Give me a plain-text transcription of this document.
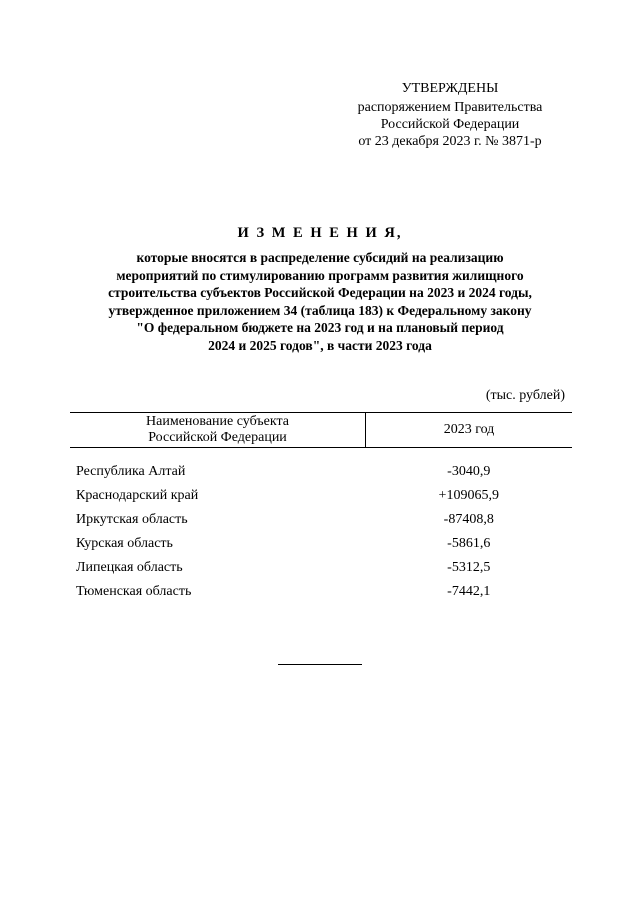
УТВЕРЖДЕНЫ
распоряжением Правительства
Российской Федерации
от 23 декабря 2023 г. № 3871-р
И З М Е Н Е Н И Я,
которые вносятся в распределение субсидий на реализацию
мероприятий по стимулированию программ развития жилищного
строительства субъектов Российской Федерации на 2023 и 2024 годы,
утвержденное приложением 34 (таблица 183) к Федеральному закону
"О федеральном бюджете на 2023 год и на плановый период
2024 и 2025 годов", в части 2023 года
(тыс. рублей)
Наименование субъекта
Российской Федерации	2023 год

Республика Алтай	-3040,9
Краснодарский край	+109065,9
Иркутская область	-87408,8
Курская область	-5861,6
Липецкая область	-5312,5
Тюменская область	-7442,1
